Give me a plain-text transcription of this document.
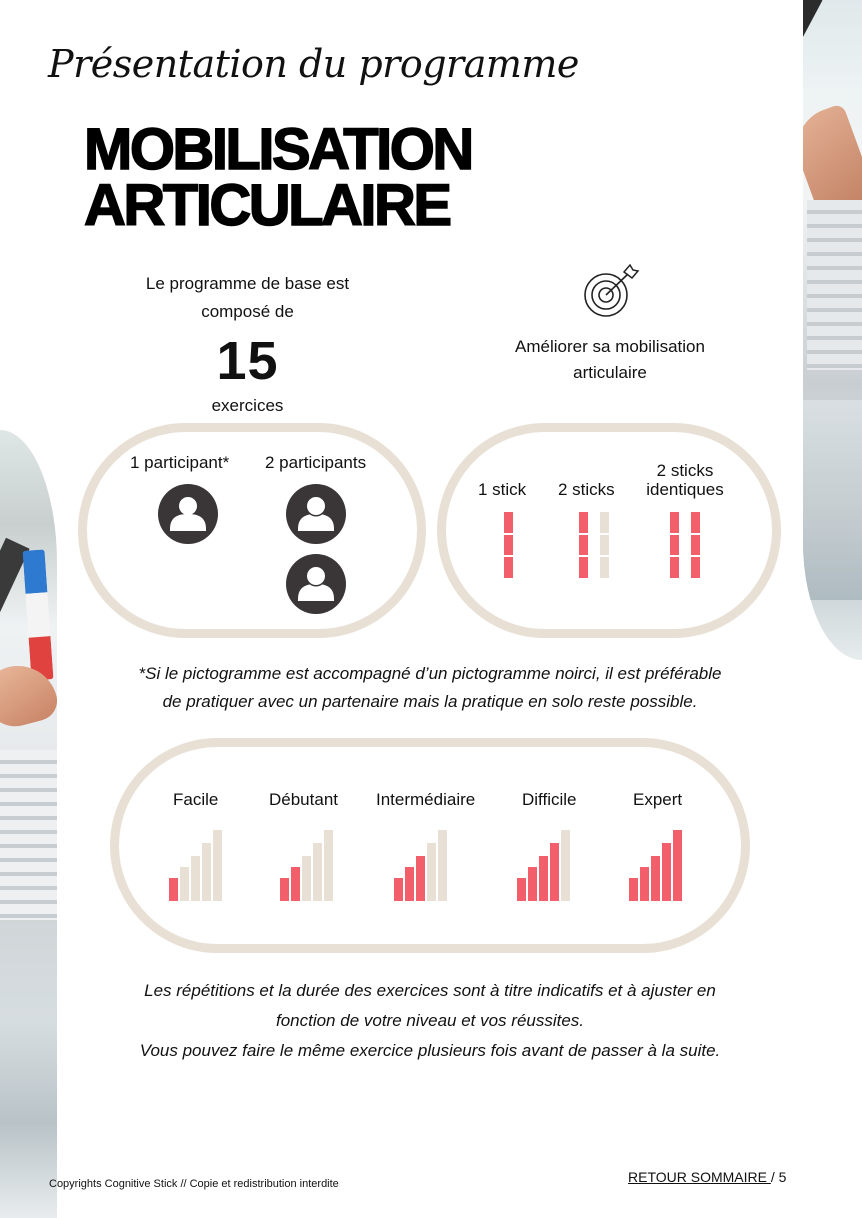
Présentation du programme
MOBILISATION
ARTICULAIRE
Le programme de base est
composé de
15
exercices
Améliorer sa mobilisation
articulaire
1 participant* 2 participants
1 stick 2 sticks
2 sticks
identiques
*Si le pictogramme est accompagné d’un pictogramme noirci, il est préférable
de pratiquer avec un partenaire mais la pratique en solo reste possible.
Facile	Débutant Intermédiaire	Difficile	Expert
Les répétitions et la durée des exercices sont à titre indicatifs et à ajuster en
fonction de votre niveau et vos réussites.
Vous pouvez faire le même exercice plusieurs fois avant de passer à la suite.
Copyrights Cognitive Stick // Copie et redistribution interdite	RETOUR SOMMAIRE / 5
